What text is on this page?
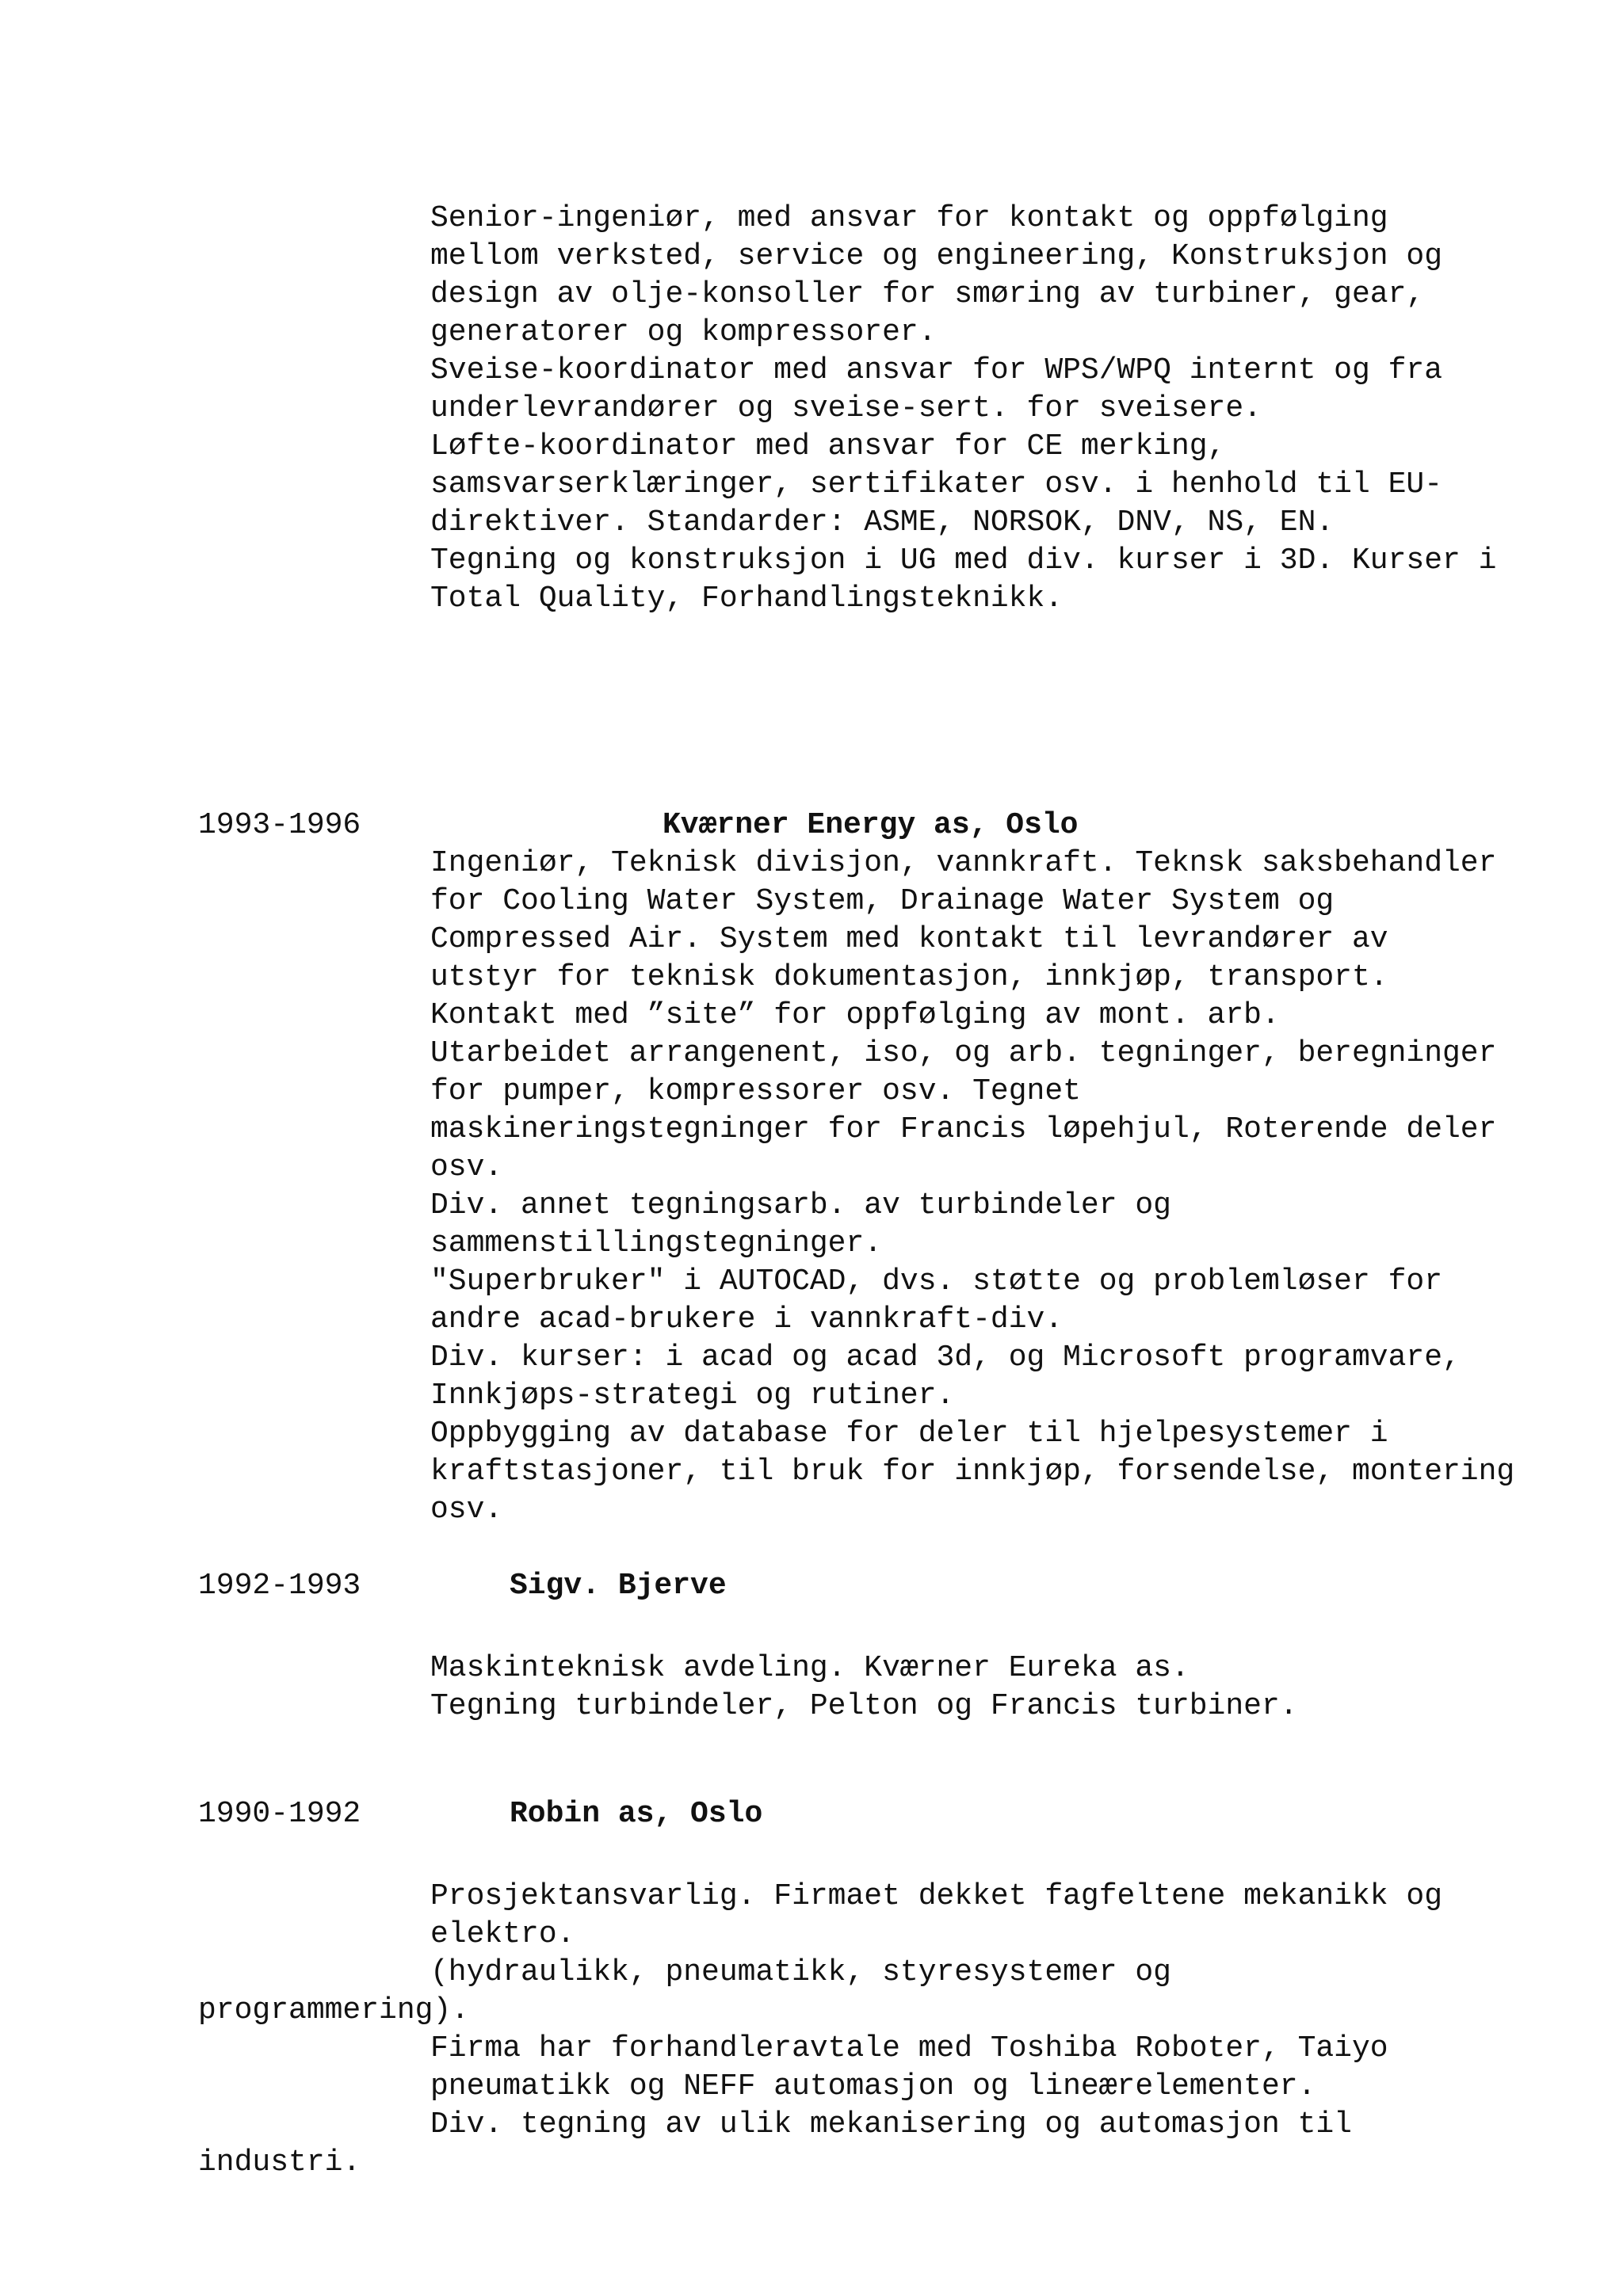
Senior-ingeniør, med ansvar for kontakt og oppfølging
mellom verksted, service og engineering, Konstruksjon og
design av olje-konsoller for smøring av turbiner, gear,
generatorer og kompressorer.
Sveise-koordinator med ansvar for WPS/WPQ internt og fra
underlevrandører og sveise-sert. for sveisere.
Løfte-koordinator med ansvar for CE merking,
samsvarserklæringer, sertifikater osv. i henhold til EU-
direktiver. Standarder: ASME, NORSOK, DNV, NS, EN.
Tegning og konstruksjon i UG med div. kurser i 3D. Kurser i
Total Quality, Forhandlingsteknikk.
1993-1996	Kværner Energy as, Oslo
Ingeniør, Teknisk divisjon, vannkraft. Teknsk saksbehandler
for Cooling Water System, Drainage Water System og
Compressed Air. System med kontakt til levrandører av
utstyr for teknisk dokumentasjon, innkjøp, transport.
Kontakt med ”site” for oppfølging av mont. arb.
Utarbeidet arrangenent, iso, og arb. tegninger, beregninger
for pumper, kompressorer osv. Tegnet
maskineringstegninger for Francis løpehjul, Roterende deler
osv.
Div. annet tegningsarb. av turbindeler og
sammenstillingstegninger.
"Superbruker" i AUTOCAD, dvs. støtte og problemløser for
andre acad-brukere i vannkraft-div.
Div. kurser: i acad og acad 3d, og Microsoft programvare,
Innkjøps-strategi og rutiner.
Oppbygging av database for deler til hjelpesystemer i
kraftstasjoner, til bruk for innkjøp, forsendelse, montering
osv.
1992-1993	Sigv. Bjerve
Maskinteknisk avdeling. Kværner Eureka as.
Tegning turbindeler, Pelton og Francis turbiner.
1990-1992	Robin as, Oslo
Prosjektansvarlig. Firmaet dekket fagfeltene mekanikk og
elektro.
(hydraulikk, pneumatikk, styresystemer og
programmering).
Firma har forhandleravtale med Toshiba Roboter, Taiyo
pneumatikk og NEFF automasjon og lineærelementer.
Div. tegning av ulik mekanisering og automasjon til
industri.
